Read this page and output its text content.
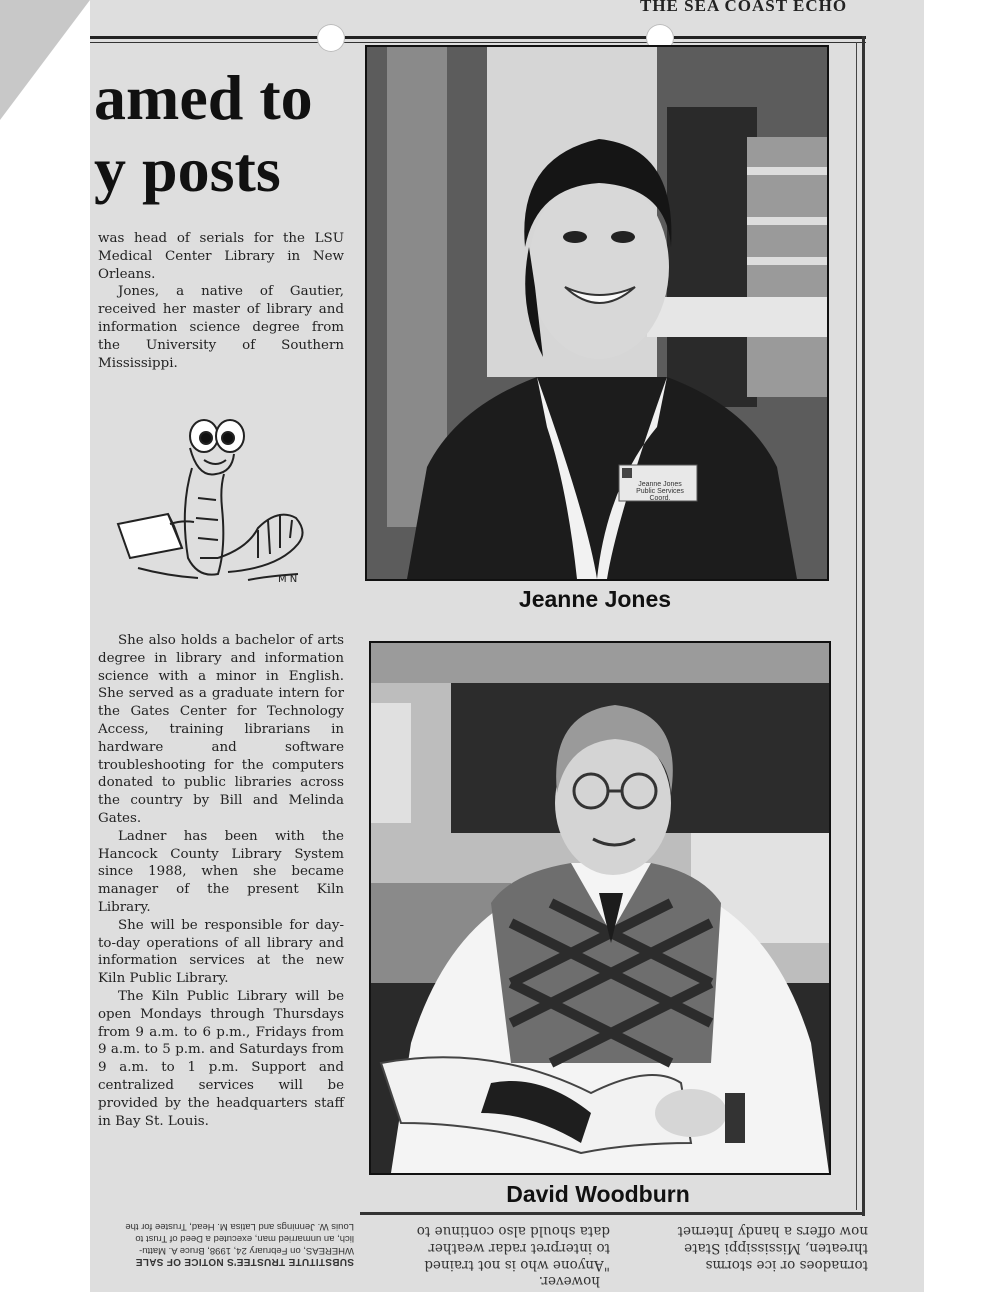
THE SEA COAST ECHO
amed to
y posts

was head of serials for the LSU Medical Center Library in New Orleans.

Jones, a native of Gautier, received her master of library and information science degree from the University of Southern Mississippi.

M N

She also holds a bachelor of arts degree in library and information science with a minor in English. She served as a graduate intern for the Gates Center for Technology Access, training librarians in hardware and software troubleshooting for the computers donated to public libraries across the country by Bill and Melinda Gates.

Ladner has been with the Hancock County Library System since 1988, when she became manager of the present Kiln Library.

She will be responsible for day-to-day operations of all library and information services at the new Kiln Public Library.

The Kiln Public Library will be open Mondays through Thursdays from 9 a.m. to 6 p.m., Fridays from 9 a.m. to 5 p.m. and Saturdays from 9 a.m. to 1 p.m. Support and centralized services will be provided by the headquarters staff in Bay St. Louis.

Jeanne Jones
Public Services Coord.
Jeanne Jones
David Woodburn
SUBSTITUTE TRUSTEE'S NOTICE OF SALE
WHEREAS, on February 24, 1998, Bruce A. Mattu-
lich, an unmarried man, executed a Deed of Trust to
Louis W. Jennings and Latisa M. Head, Trustee for the
"Anyone who is not trained
to interpret radar weather
data should also continue to
tornadoes or ice storms
threaten, Mississippi State
now offers a handy Internet
however.
